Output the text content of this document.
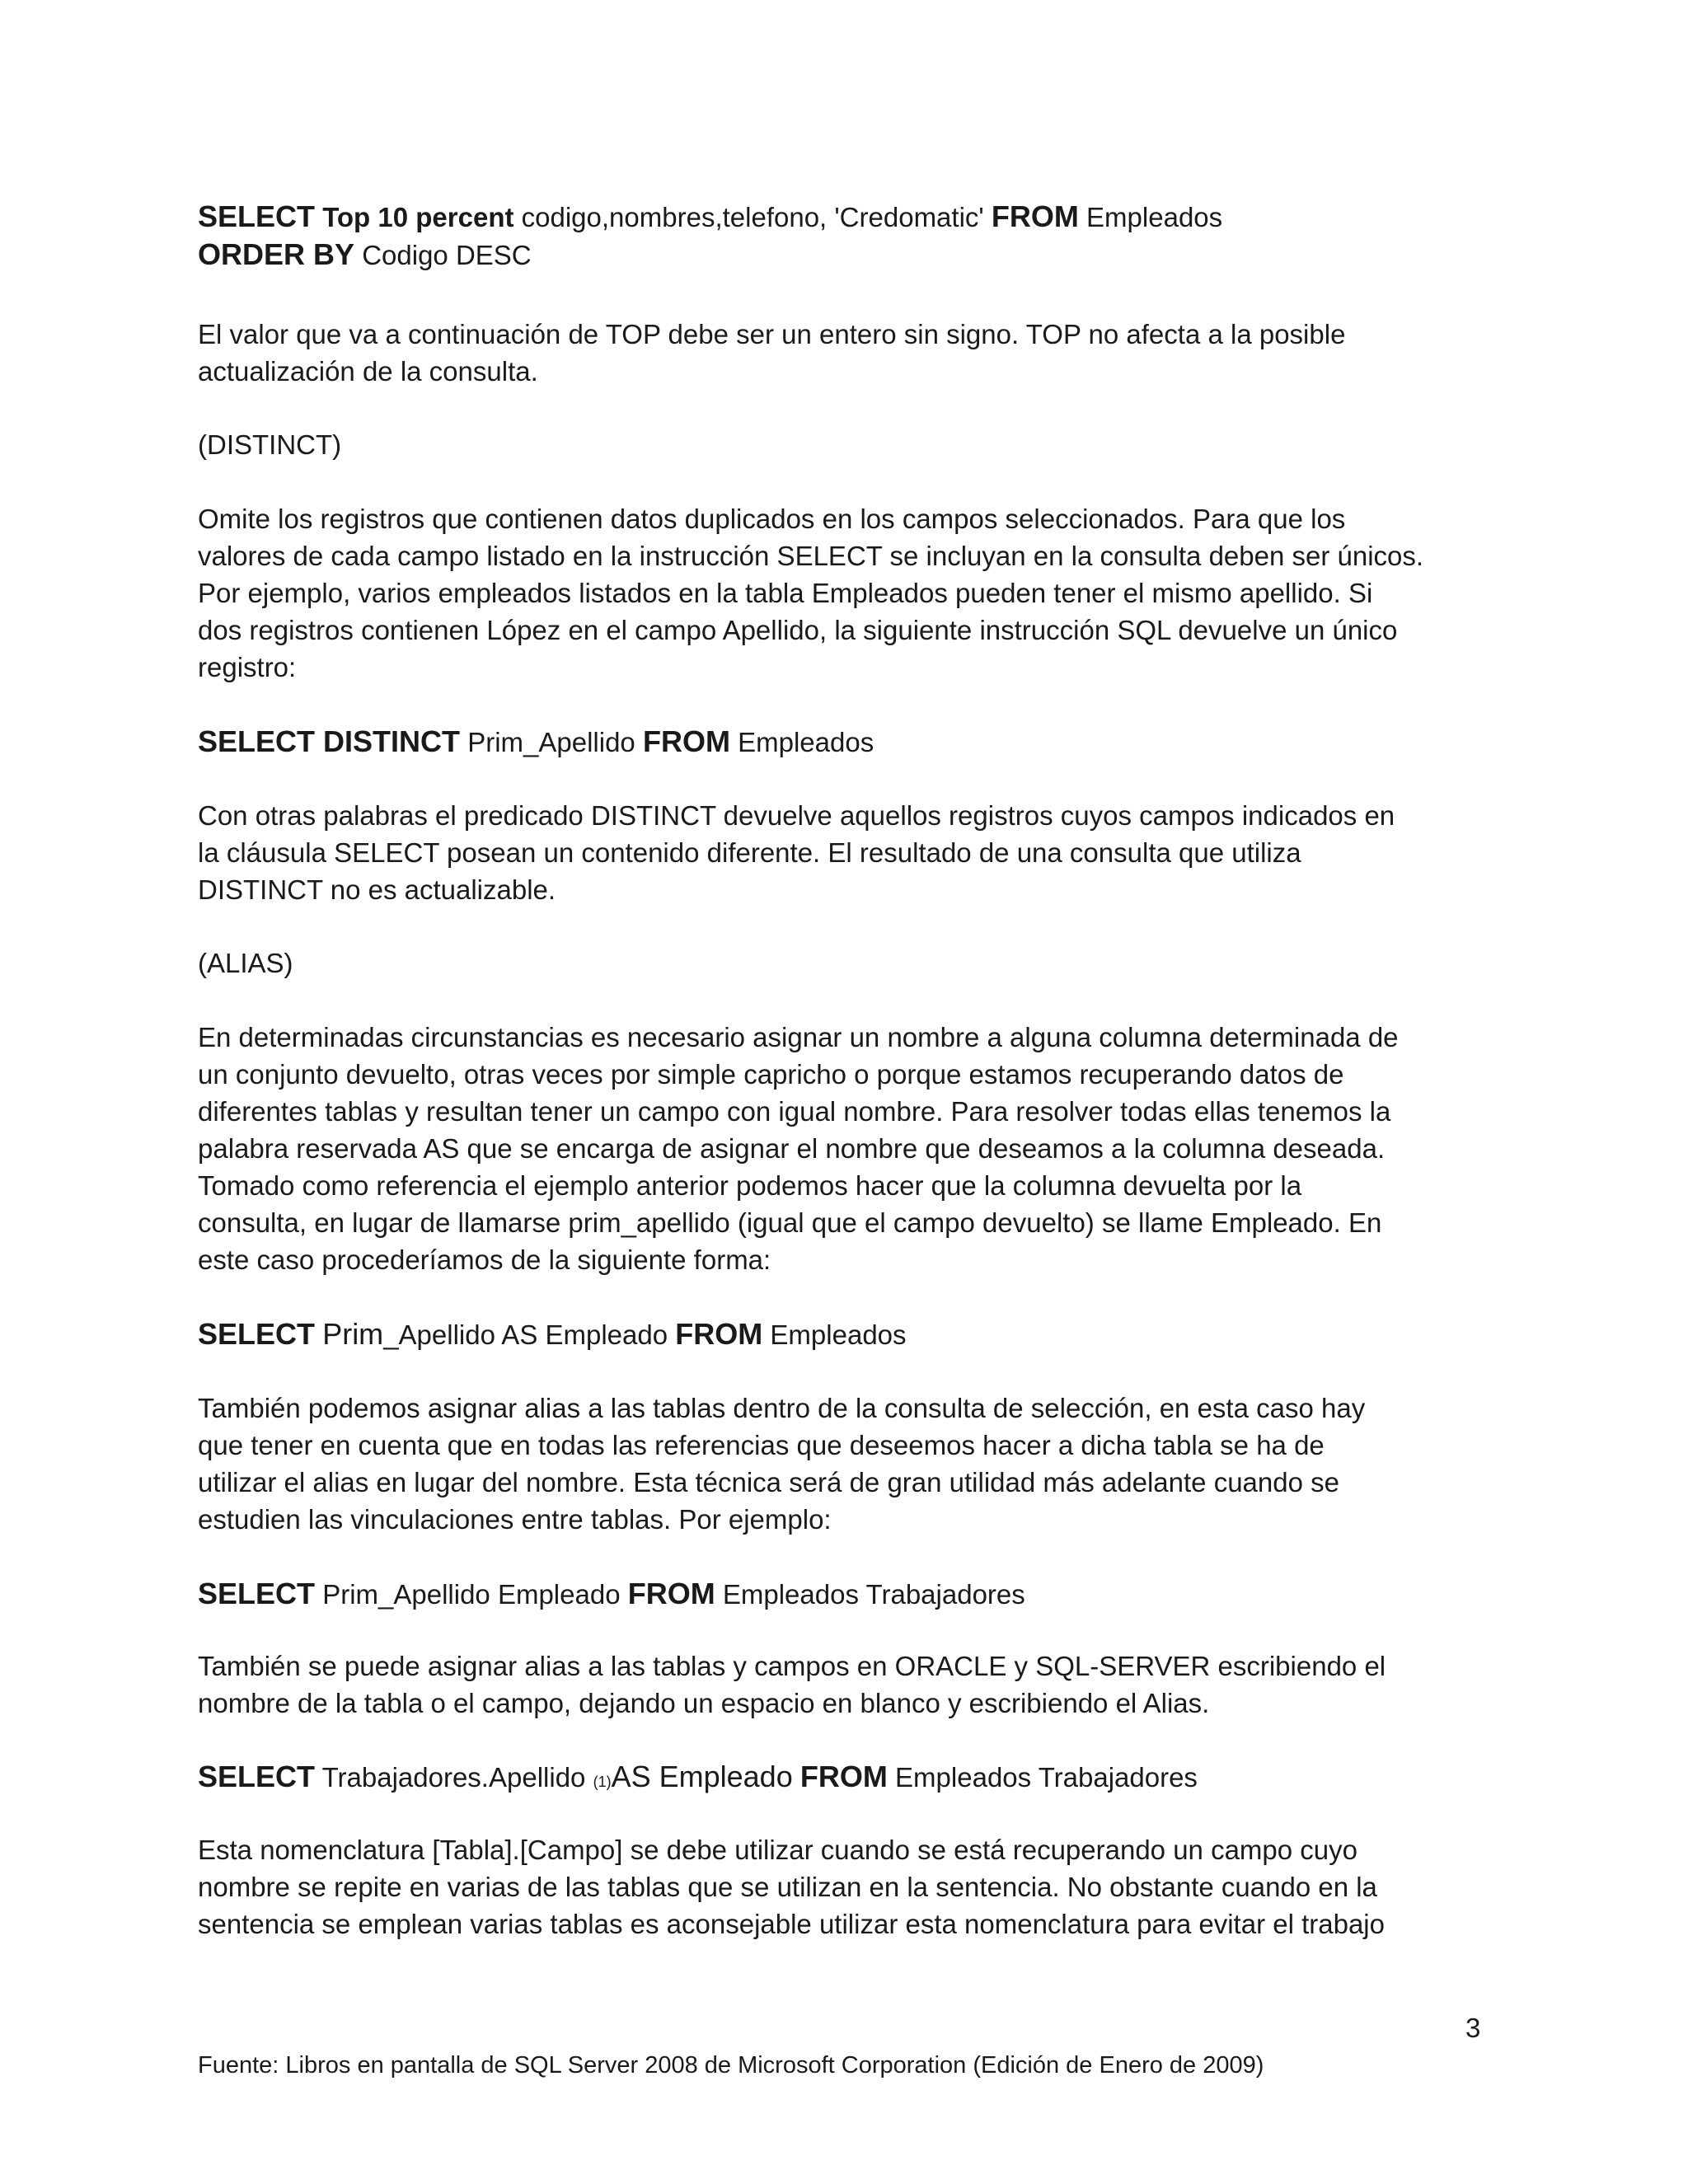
SELECT Top 10 percent codigo,nombres,telefono, 'Credomatic' FROM Empleados
ORDER BY Codigo DESC
El valor que va a continuación de TOP debe ser un entero sin signo. TOP no afecta a la posible
actualización de la consulta.
(DISTINCT)
Omite los registros que contienen datos duplicados en los campos seleccionados. Para que los
valores de cada campo listado en la instrucción SELECT se incluyan en la consulta deben ser únicos.
Por ejemplo, varios empleados listados en la tabla Empleados pueden tener el mismo apellido. Si
dos registros contienen López en el campo Apellido, la siguiente instrucción SQL devuelve un único
registro:
SELECT DISTINCT Prim_Apellido FROM Empleados
Con otras palabras el predicado DISTINCT devuelve aquellos registros cuyos campos indicados en
la cláusula SELECT posean un contenido diferente. El resultado de una consulta que utiliza
DISTINCT no es actualizable.
(ALIAS)
En determinadas circunstancias es necesario asignar un nombre a alguna columna determinada de
un conjunto devuelto, otras veces por simple capricho o porque estamos recuperando datos de
diferentes tablas y resultan tener un campo con igual nombre. Para resolver todas ellas tenemos la
palabra reservada AS que se encarga de asignar el nombre que deseamos a la columna deseada.
Tomado como referencia el ejemplo anterior podemos hacer que la columna devuelta por la
consulta, en lugar de llamarse prim_apellido (igual que el campo devuelto) se llame Empleado. En
este caso procederíamos de la siguiente forma:
SELECT Prim_Apellido AS Empleado FROM Empleados
También podemos asignar alias a las tablas dentro de la consulta de selección, en esta caso hay
que tener en cuenta que en todas las referencias que deseemos hacer a dicha tabla se ha de
utilizar el alias en lugar del nombre. Esta técnica será de gran utilidad más adelante cuando se
estudien las vinculaciones entre tablas. Por ejemplo:
SELECT Prim_Apellido Empleado FROM Empleados Trabajadores
También se puede asignar alias a las tablas y campos en ORACLE y SQL-SERVER escribiendo el
nombre de la tabla o el campo, dejando un espacio en blanco y escribiendo el Alias.
SELECT Trabajadores.Apellido (1)AS Empleado FROM Empleados Trabajadores
Esta nomenclatura [Tabla].[Campo] se debe utilizar cuando se está recuperando un campo cuyo
nombre se repite en varias de las tablas que se utilizan en la sentencia. No obstante cuando en la
sentencia se emplean varias tablas es aconsejable utilizar esta nomenclatura para evitar el trabajo
3
Fuente: Libros en pantalla de SQL Server 2008 de Microsoft Corporation (Edición de Enero de 2009)
